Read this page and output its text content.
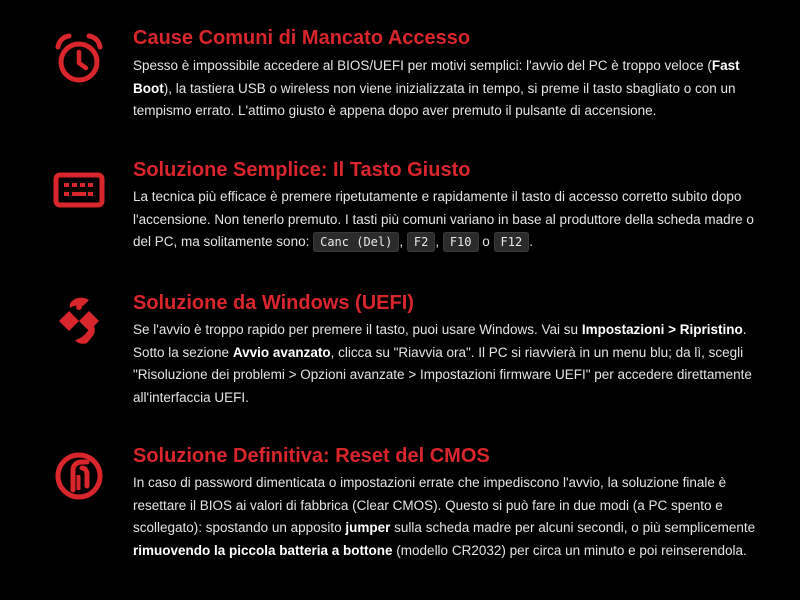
Cause Comuni di Mancato Accesso

Spesso è impossibile accedere al BIOS/UEFI per motivi semplici: l'avvio del PC è troppo veloce (Fast Boot), la tastiera USB o wireless non viene inizializzata in tempo, si preme il tasto sbagliato o con un tempismo errato. L'attimo giusto è appena dopo aver premuto il pulsante di accensione.

Soluzione Semplice: Il Tasto Giusto

La tecnica più efficace è premere ripetutamente e rapidamente il tasto di accesso corretto subito dopo l'accensione. Non tenerlo premuto. I tasti più comuni variano in base al produttore della scheda madre o del PC, ma solitamente sono: Canc (Del) , F2 , F10 o F12 .

Soluzione da Windows (UEFI)

Se l'avvio è troppo rapido per premere il tasto, puoi usare Windows. Vai su Impostazioni > Ripristino. Sotto la sezione Avvio avanzato, clicca su "Riavvia ora". Il PC si riavvierà in un menu blu; da lì, scegli "Risoluzione dei problemi > Opzioni avanzate > Impostazioni firmware UEFI" per accedere direttamente all'interfaccia UEFI.

Soluzione Definitiva: Reset del CMOS

In caso di password dimenticata o impostazioni errate che impediscono l'avvio, la soluzione finale è resettare il BIOS ai valori di fabbrica (Clear CMOS). Questo si può fare in due modi (a PC spento e scollegato): spostando un apposito jumper sulla scheda madre per alcuni secondi, o più semplicemente rimuovendo la piccola batteria a bottone (modello CR2032) per circa un minuto e poi reinserendola.
